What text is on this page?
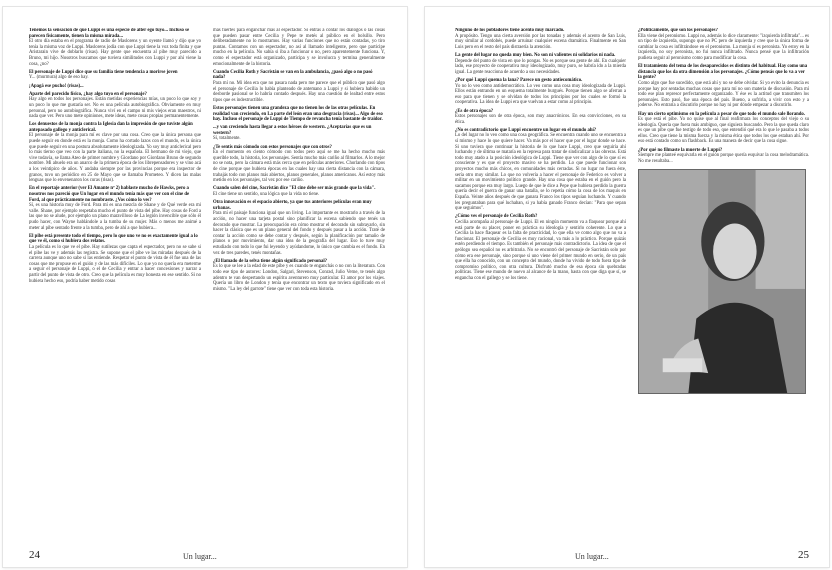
Tenemos la sensación de que Luppi es una especie de alter ego tuyo... Incluso se parecen físicamente, tienen la misma mirada...
El otro día estaba en el programa de radio de Maslorens y un oyente llamó y dijo que yo tenía la misma voz de Luppi. Maslorens jodía con que Luppi tiene la voz toda finita y que Aristarain vive de doblarlo (risas). Hay gente que encuentra al pibe muy parecido a Bruno, mi hijo. Nosotros buscamos que tuviera similitudes con Luppi y por ahí viene la cosa, ¿no?
El personaje de Luppi dice que su familia tiene tendencia a morirse joven
Y... (murmura) algo de eso hay.
¡Apagá ese pucho! (risas)...
Aparte del parecido físico, ¿hay algo tuyo en el personaje?
Hay algo en todos los personajes. Están metidas experiencias mías, un poco lo que soy y un poco lo que me gustaría ser. No es una película autobiográfica. Obviamente en muy personal, pero no autobiográfica. Nunca viví en el campo ni mis viejos eran maestros, ni nada que ver. Pero uno mete opiniones, mete ideas, mete cosas propias permanentemente.
Los denuestos de la monja contra la Iglesia dan la impresión de que tuviste algún antepasado gallego y anticlerical.
El personaje de la monja para mí es clave por una cosa. Creo que la única persona que puede seguir en donde está es la monja. Como ha cortado lazos con el mundo, es la única que puede seguir en una postura absolutamente ideologizada. Yo soy muy anticlerical pero lo más tierno que veo con la parte italiana, no la española. El hermano de mi viejo, que vive todavía, se llama Ateo de primer nombre y Giordano por Giordano Bruno de segundo nombre. Mi abuelo era un anarco de la primera época de los librepensadores y se vino acá a los veintipico de años. Y andaba siempre por las provincias porque era inspector de granos, tuvo un periódico en 25 de Mayo que se llamaba Prometeo. Y dicen las malas lenguas que lo envenenaron los curas (risas).
En el reportaje anterior (ver El Amante nº 2) hablaste mucho de Hawks, pero a nosotros nos pareció que Un lugar en el mundo tenía más que ver con el cine de Ford, al que prácticamente no nombraste. ¿Vos cómo lo ves?
Sí, es una historia muy de Ford. Para mí es una mezcla de Shane y de Qué verde era mi valle. Shane, por ejemplo respetaba mucho el punto de vista del pibe. Hay cosas de Ford a las que no se alude, por ejemplo un plano maravilloso de La legión invencible que sólo él pudo hacer, con Wayne hablándole a la tumba de su mujer. Más o menos me animé a meter al pibe sentado frente a la tumba, pero de ahí a que hubiera...
El pibe está presente todo el tiempo, pero lo que uno ve no es exactamente igual a lo que ve él, como si hubiera dos relatos.
La película es lo que ve el pibe. Hay sutilezas que capta el espectador, pero no se sabe si el pibe las ve y además las registra. Se supone que el pibe ve las miradas después de la carrera aunque uno no sabe si las entiende. Respetar el punto de vista de él fue una de las cosas que me propuse en el guión y de las más difíciles. Lo que yo no quería era meterme a seguir el personaje de Luppi, o el de Cecilia y entrar a hacer concesiones y narrar a partir del punto de vista de otro. Creo que la película es muy honesta en ese sentido. Si no hubiera hecho eso, podría haber metido cosas
más fuertes para enganchar más al espectador. Si entrás a contar los diálogos o las cosas que pueden pasar entre Cecilia y Pepe te metés al público en el bolsillo. Pero deliberadamente no lo mostramos. Hay varias funciones que no están contadas, yo tiro puntas. Contamos con un espectador, no así al llamado inteligente, pero que participe mucho en la película. No sabía si iba a funcionar o no, pero aparentemente funciona. Y, como el espectador está organizado, participa y se involucra y termina generalmente emocionalmente de la historia.
Cuando Cecilia Roth y Sacristán se van en la ambulancia, ¿pasó algo o no pasó nada?
Para mí no. Mi idea era que no pasara nada pero me parece que el público que pasó algo el personaje de Cecilia lo había planteado de antemano a Luppi y si hubiera habido un desborde pasional se lo habría contado después. Hay una cuestión de lealtad entre estos tipos que es indestructible.
Estos personajes tienen una grandeza que no tienen los de las otras películas. En realidad van creciendo, en La parte del león eran una desgracia (risas)... Algo de eso hay. Incluso el personaje de Luppi de Tiempo de revancha tenía bastante de traidor.
...y van creciendo hasta llegar a estos héroes de western. ¿Aceptarías que es un western?
Sí, totalmente.
¿Te sentís más cómodo con estos personajes que con otros?
En el momento en ciento cómodo con todos pero aquí se me ha hecho mucho más querible todo, la historia, los personajes. Sentía mucho más cariño al filmarlos. A lo mejor no se nota, pero la cámara está más cerca que en películas anteriores. Chorlando con tipos de cine porque que hubiera épocas en las cuales hay una cierta distancia con la cámara, trabajás todo con planos más abiertos, planos generales, planos americanos. Así estoy más metido en los personajes, tal vez por ese cariño.
Cuando salen del cine, Sacristán dice "El cine debe ser más grande que la vida".
El cine tiene un sentido, una lógica que la vida no tiene.
Otra innovación es el espacio abierto, ya que tus anteriores películas eran muy urbanas.
Para mí el paisaje funciona igual que un living. Lo importante es mostrarlo a través de la acción, no hacer una tarjeta postal sino planificar la escena sabiendo que tenés un decorado que mostrar. La preocupación era cómo mostrar el decorado sin subrayarlo, sin hacer la clásica que es un plano general del fondo y después pasar a la acción. Traté de contar la acción como se debe contar y después, según la planificación por tamaño de planos o por movimiento, dar una idea de la geografía del lugar. Eso lo tuve muy estudiado con todo lo que fui leyendo y ayúdandome, lo único que cambia es el fondo. En vez de tres paredes, tenés montañas.
¿El llamado de la selva tiene algún significado personal?
Es lo que se lee a la edad de este pibe y es cuando te enganchás o no con la literatura. Con todo ese tipo de autores: London, Salgari, Stevenson, Conrad, Julio Verne, te tenés algo adentro te van despertando un espíritu aventurero muy particular. El amor por los viajes. Quería un libro de London y tenía que encontrar un texto que tuviera significado en el mismo. "La ley del garrote" tiene que ver con toda esta historia.
24	Un lugar...
Ninguno de los pobladores tiene acento muy marcado.
A propósito. Tengo una cierta aversión por las tonadas y además el acento de San Luis, muy similar al cordobés, puede arruinar cualquier escena dramática. Finalmente en San Luis pero en el resto del país distraería la atención.
La gente del lugar no queda muy bien. No son ni valientes ni solidarios ni nada.
Depende del punto de vista en que lo pongas. No es porque sea gente de ahí. En cualquier lado, ese proyecto de cooperativa muy ideologizado, muy puro, se habría ido a la mierda igual. La gente reacciona de acuerdo a sus necesidades.
¿Por qué Luppi quema la lana? Parece un gesto antiecomático.
Yo no lo veo como antidemocrático. Lo veo como una cosa muy ideologizada de Luppi. Ellos están entrando en un esquema totalmente burgués. Porque tienen algo se aferran a eso para que tienen y se olvidan de todos los principios por los cuales se formó la cooperativa. La idea de Luppi era que vuelvan a estar como al principio.
¿Es de otra época?
Estos personajes son de otra época, son muy anacrónicos. En esa convicciones, en su ética.
¿No es contradictorio que Luppi encuentre un lugar en el mundo ahí?
Lo del lugar no lo veo como una cosa geográfica. Se encuentra cuando uno se encuentra a sí mismo y hace lo que quiere hacer. Va más por el hacer que por el lugar donde se hace. Si uno tuviera que continuar la historia de lo que hace Luppi, creo que seguiría ahí luchando y de última se mataría en la represa para tratar de sindicalizar a las obreras. Está todo muy atado a la posición ideológica de Luppi. Tiene que ver con algo de lo que sí es consciente y es que el proyecto masivo se ha perdido. Lo que puede funcionar son proyectos mucho más chicos, en comunidades más cerradas. Si no lugar no fuera éste, sería otro muy similar. Lo que no volvería a hacer el personaje de Federico es volver a militar en un movimiento político grande. Hay una cosa que estaba en el guión pero la sacamos porque era muy largo. Luego de que le dice a Pepe que hubiera perdido la guerra quería decir el guerra de ganar una batalla, se lo repetía cómo la cosa de los maquis en España. Veinte años después de que ganara Franco los tipos seguían luchando. Y cuando les preguntaban para qué luchaban, si ya había ganado Franco decían: "Para que sepan que seguimos".
¿Cómo ves el personaje de Cecilia Roth?
Cecilia acompaña al personaje de Luppi. El en ningún momento va a flaquear porque ahí está parte de su placer, poner en práctica su ideología y sentirlo coherente. Lo que a Cecilia la hace flaquear es la falta de practicidad, lo que ella ve como algo que no va a funcionar. El personaje de Cecilia es muy racional, va más a lo práctico. Porque quizás estén perdiendo el tiempo. Es también el personaje más contradictorio. La idea de que el geólogo sea español no es arbitraria. No se encontró del personaje de Sacristán solo por cómo era ese personaje, sino porque si uno viene del primer mundo en serio, de un país que ella ha conocido, con un concepto del mundo, donde ha vivido de todo fuera tipo de compromiso político, con otra cultura. Disfrutó mucho de esa época sin quebradas políticas. Tiene ese mundo de nuevo al alcance de la mano, hasta con que diga que sí, se engancha con el gallego y se los tiene.
¿Políticamente, qué son los personajes?
Ella viene del peronismo. Luppi no, además lo dice claramente: "izquierda infiltrada"... es un tipo de izquierda, supongo que no PC pero de izquierda y cree que la única forma de cambiar la cosa es infiltrándose en el peronismo. La monja sí es peronista. Yo estoy en la izquierda, no soy peronista, no fui nunca infiltrado. Nunca pensé que la infiltración pudiera seguir al peronismo como para modificar la cosa.
El tratamiento del tema de los desaparecidos es distinto del habitual. Hay como una distancia que los da otra dimensión a los personajes. ¿Cómo pensás que lo va a ver la gente?
Como algo que fue sucedido, que está ahí y no se debe olvidar. Si yo evito la denuncia es porque hay por sentadas muchas cosas que para mí no son materia de discusión. Para mí todo ese plan represor perfectamente organizado. Y ése es la actitud que transmiten los personajes. Esto pasó, fue una época del país. Bueno, a sufrirla, a vivir con esto y a joderse. No entraría a discutirlo porque no hay ni por dónde empezar a discutirlo.
Hay un cierto optimismo en la película a pesar de que todo el mundo sale llorando.
Es que está el pibe. Yo no quise que al final reafirmara los conceptos del viejo o su ideología. Quería que fuera más ambiguo, que siguiera buscando. Pero la que queda claro es que un pibe que fue testigo de todo eso, que entendió qué era lo que le pasaba a todos ellos. Creo que tiene la misma fuerza y la misma ética que todos los que estaban ahí. Por eso está contado como un flashback. Es una manera de decir que la cosa sigue.
¿Por qué no filmaste la muerte de Luppi?
Siempre me planteé esquivarla en el guión porque quería esquivar la cosa melodramática. No me resultaba...
Un lugar...	25
